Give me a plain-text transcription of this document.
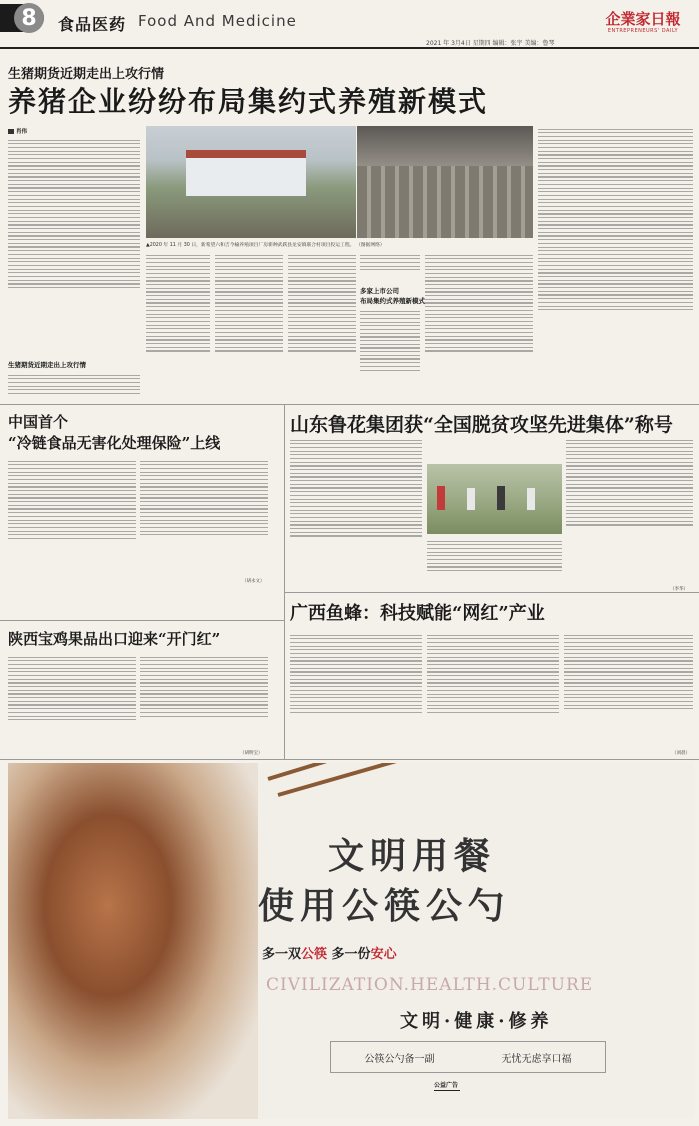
8	食品医药 Food And Medicine
2021 年 3月4日 星期四 编辑：张宇 美编：鲁琴
企業家日報
ENTREPRENEURS' DAILY
生猪期货近期走出上攻行情
养猪企业纷纷布局集约式养殖新模式
肖伟
生猪期货近期走出上攻行情
▲2020 年 11 月 30 日，新希望六和吉今榆养殖项目厂房新种武跃县龙安镇联合村项目投运工程。 （图据网络）
多家上市公司
布局集约式养殖新模式
中国首个
“冷链食品无害化处理保险”上线
（胡永文）
山东鲁花集团获“全国脱贫攻坚先进集体”称号
（李华）
广西鱼蜂：科技赋能“网红”产业
（刘晨）
陕西宝鸡果品出口迎来“开门红”
（胡明宝）
文明用餐
使用公筷公勺
多一双公筷 多一份安心
CIVILIZATION.HEALTH.CULTURE
文明·健康·修养
公筷公勺备一副	无忧无虑享口福
公益广告
